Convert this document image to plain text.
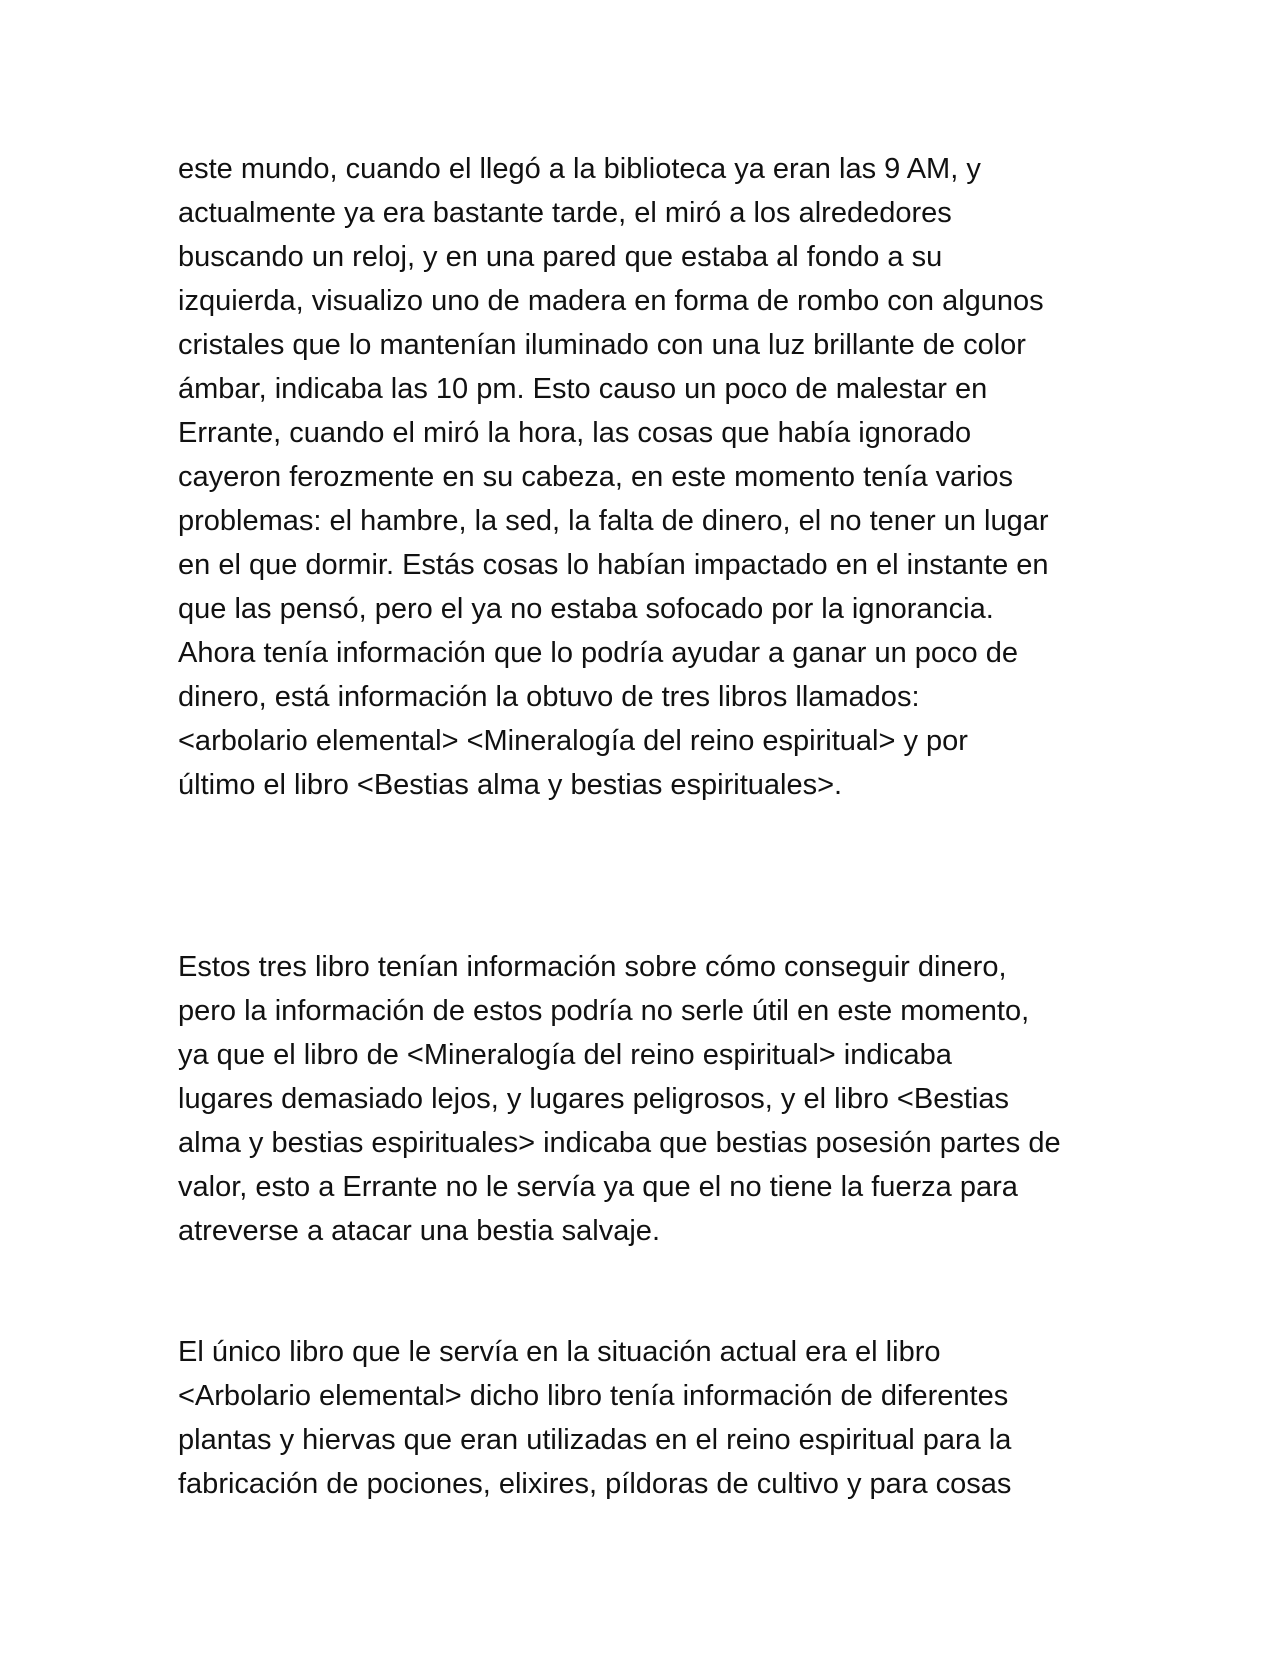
este mundo, cuando el llegó a la biblioteca ya eran las 9 AM, y
actualmente ya era bastante tarde, el miró a los alrededores
buscando un reloj, y en una pared que estaba al fondo a su
izquierda, visualizo uno de madera en forma de rombo con algunos
cristales que lo mantenían iluminado con una luz brillante de color
ámbar, indicaba las 10 pm. Esto causo un poco de malestar en
Errante, cuando el miró la hora, las cosas que había ignorado
cayeron ferozmente en su cabeza, en este momento tenía varios
problemas: el hambre, la sed, la falta de dinero, el no tener un lugar
en el que dormir. Estás cosas lo habían impactado en el instante en
que las pensó, pero el ya no estaba sofocado por la ignorancia.
Ahora tenía información que lo podría ayudar a ganar un poco de
dinero, está información la obtuvo de tres libros llamados:
<arbolario elemental> <Mineralogía del reino espiritual> y por
último el libro <Bestias alma y bestias espirituales>.
Estos tres libro tenían información sobre cómo conseguir dinero,
pero la información de estos podría no serle útil en este momento,
ya que el libro de <Mineralogía del reino espiritual> indicaba
lugares demasiado lejos, y lugares peligrosos, y el libro <Bestias
alma y bestias espirituales> indicaba que bestias posesión partes de
valor, esto a Errante no le servía ya que el no tiene la fuerza para
atreverse a atacar una bestia salvaje.
El único libro que le servía en la situación actual era el libro
<Arbolario elemental> dicho libro tenía información de diferentes
plantas y hiervas que eran utilizadas en el reino espiritual para la
fabricación de pociones, elixires, píldoras de cultivo y para cosas
